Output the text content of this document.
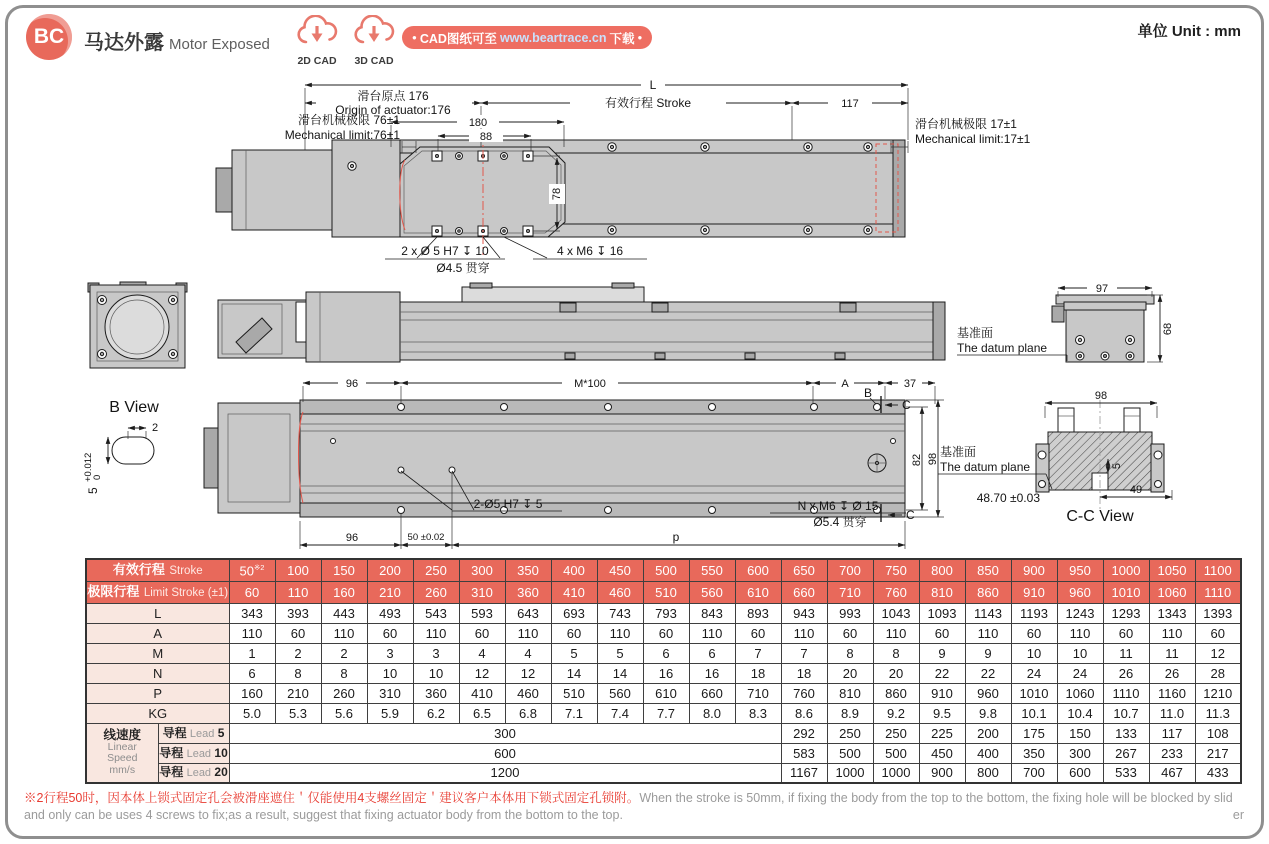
BC 马达外露 Motor Exposed
2D CAD	3D CAD
● CAD图纸可至 www.beartrace.cn 下载 ●	单位 Unit : mm
L
滑台原点 176
Origin of actuator:176	有效行程 Stroke	117
滑台机械极限 76±1
Mechanical limit:76±1
滑台机械极限 17±1
Mechanical limit:17±1
180
88
78
2 x Ø 5 H7 ↧ 10
Ø4.5 贯穿
4 x M6 ↧ 16
97
68
基准面
The datum plane
B View
2
5
+0.012
0
96	M*100	A	37
B
C
C
82 98
2-Ø5 H7 ↧ 5	N x M6 ↧ Ø 15
Ø5.4 贯穿
96	50 ±0.02	p
98
5
基准面
The datum plane
48.70 ±0.03
49
C-C View
有效行程 Stroke		50$^{※2}$	100	150	200	250	300	350	400	450	500	550	600	650	700	750	800	850	900	950	1000	1050	1100
极限行程 Limit Stroke (±1)		60	110	160	210	260	310	360	410	460	510	560	610	660	710	760	810	860	910	960	1010	1060	1110
L		343	393	443	493	543	593	643	693	743	793	843	893	943	993	1043	1093	1143	1193	1243	1293	1343	1393
A		110	60	110	60	110	60	110	60	110	60	110	60	110	60	110	60	110	60	110	60	110	60
M		1	2	2	3	3	4	4	5	5	6	6	7	7	8	8	9	9	10	10	11	11	12
N		6	8	8	10	10	12	12	14	14	16	16	18	18	20	20	22	22	24	24	26	26	28
P		160	210	260	310	360	410	460	510	560	610	660	710	760	810	860	910	960	1010	1060	1110	1160	1210
KG		5.0	5.3	5.6	5.9	6.2	6.5	6.8	7.1	7.4	7.7	8.0	8.3	8.6	8.9	9.2	9.5	9.8	10.1	10.4	10.7	11.0	11.3

线速度
Linear
Speed
mm/s	导程 Lead 5	300												292	250	250	225	200	175	150	133	117	108
	导程 Lead 10	600												583	500	500	450	400	350	300	267	233	217
	导程 Lead 20	1200												1167	1000	1000	900	800	700	600	533	467	433
※2行程50时，因本体上锁式固定孔会被滑座遮住＇仅能使用4支螺丝固定＇建议客户本体用下锁式固定孔锁附。When the stroke is 50mm, if fixing the body from the top to the bottom, the fixing hole will be blocked by slid
and only can be uses 4 screws to fix;as a result, suggest that fixing actuator body from the bottom to the top.	er
